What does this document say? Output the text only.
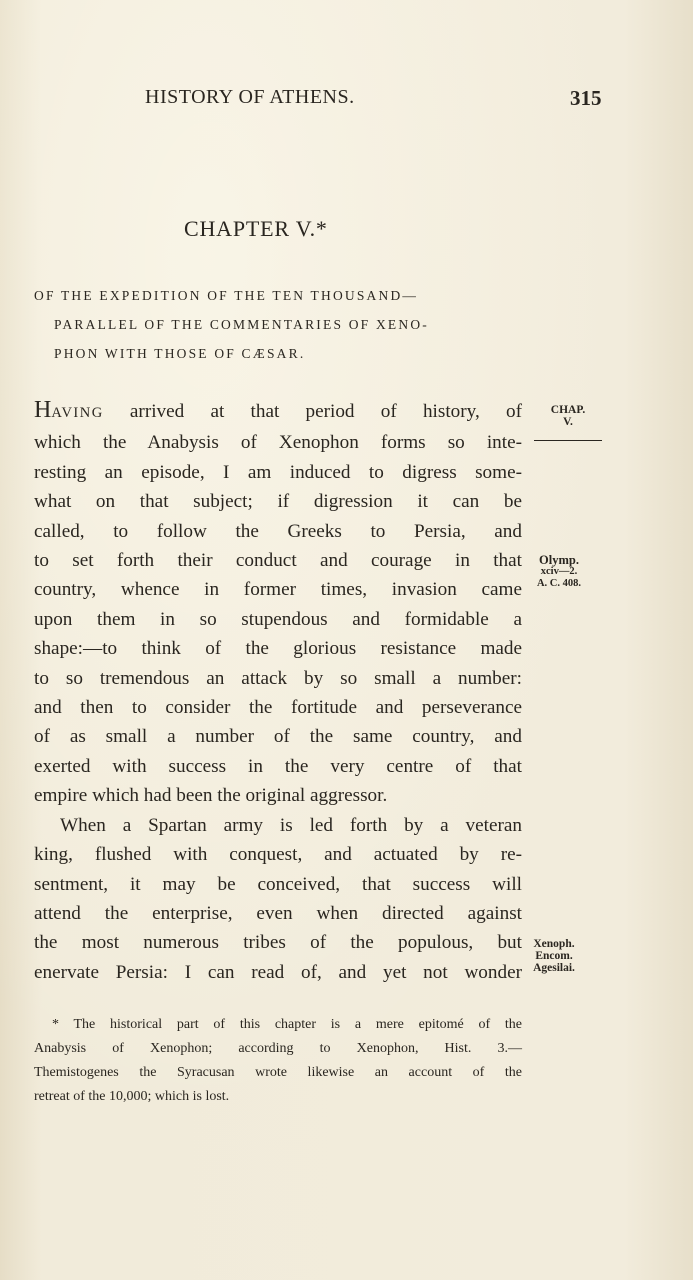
HISTORY OF ATHENS.	315
CHAPTER V.*
OF THE EXPEDITION OF THE TEN THOUSAND—
PARALLEL OF THE COMMENTARIES OF XENO-
PHON WITH THOSE OF CÆSAR.
HAVING arrived at that period of history, of
which the Anabysis of Xenophon forms so inte-
resting an episode, I am induced to digress some-
what on that subject; if digression it can be
called, to follow the Greeks to Persia, and
to set forth their conduct and courage in that
country, whence in former times, invasion came
upon them in so stupendous and formidable a
shape:—to think of the glorious resistance made
to so tremendous an attack by so small a number:
and then to consider the fortitude and perseverance
of as small a number of the same country, and
exerted with success in the very centre of that
empire which had been the original aggressor.
When a Spartan army is led forth by a veteran
king, flushed with conquest, and actuated by re-
sentment, it may be conceived, that success will
attend the enterprise, even when directed against
the most numerous tribes of the populous, but
enervate Persia: I can read of, and yet not wonder
CHAP.
V.
Olymp.
xciv—2.
A. C. 408.
Xenoph.
Encom.
Agesilai.
* The historical part of this chapter is a mere epitomé of the
Anabysis of Xenophon; according to Xenophon, Hist. 3.—
Themistogenes the Syracusan wrote likewise an account of the
retreat of the 10,000; which is lost.
